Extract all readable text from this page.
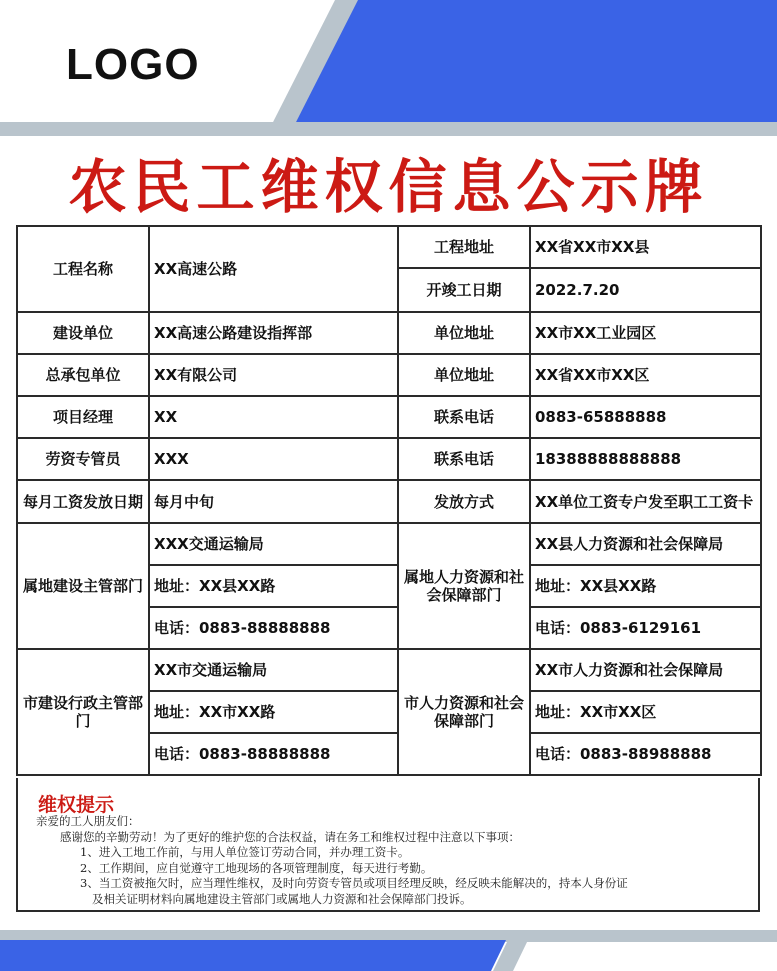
LOGO
农民工维权信息公示牌
工程名称	XX高速公路	工程地址	XX省XX市XX县
		开竣工日期	2022.7.20
建设单位	XX高速公路建设指挥部	单位地址	XX市XX工业园区
总承包单位	XX有限公司	单位地址	XX省XX市XX区
项目经理	XX	联系电话	0883-65888888
劳资专管员	XXX	联系电话	18388888888888
每月工资发放日期	每月中旬	发放方式	XX单位工资专户发至职工工资卡
属地建设主管部门	XXX交通运输局	属地人力资源和社会保障部门	XX县人力资源和社会保障局
	地址：XX县XX路		地址：XX县XX路
	电话：0883-88888888		电话：0883-6129161
市建设行政主管部门	XX市交通运输局	市人力资源和社会保障部门	XX市人力资源和社会保障局
	地址：XX市XX路		地址：XX市XX区
	电话：0883-88888888		电话：0883-88988888
维权提示
亲爱的工人朋友们：
感谢您的辛勤劳动！为了更好的维护您的合法权益，请在务工和维权过程中注意以下事项：
1、进入工地工作前，与用人单位签订劳动合同，并办理工资卡。
2、工作期间，应自觉遵守工地现场的各项管理制度，每天进行考勤。
3、当工资被拖欠时，应当理性维权，及时向劳资专管员或项目经理反映，经反映未能解决的，持本人身份证
及相关证明材料向属地建设主管部门或属地人力资源和社会保障部门投诉。
